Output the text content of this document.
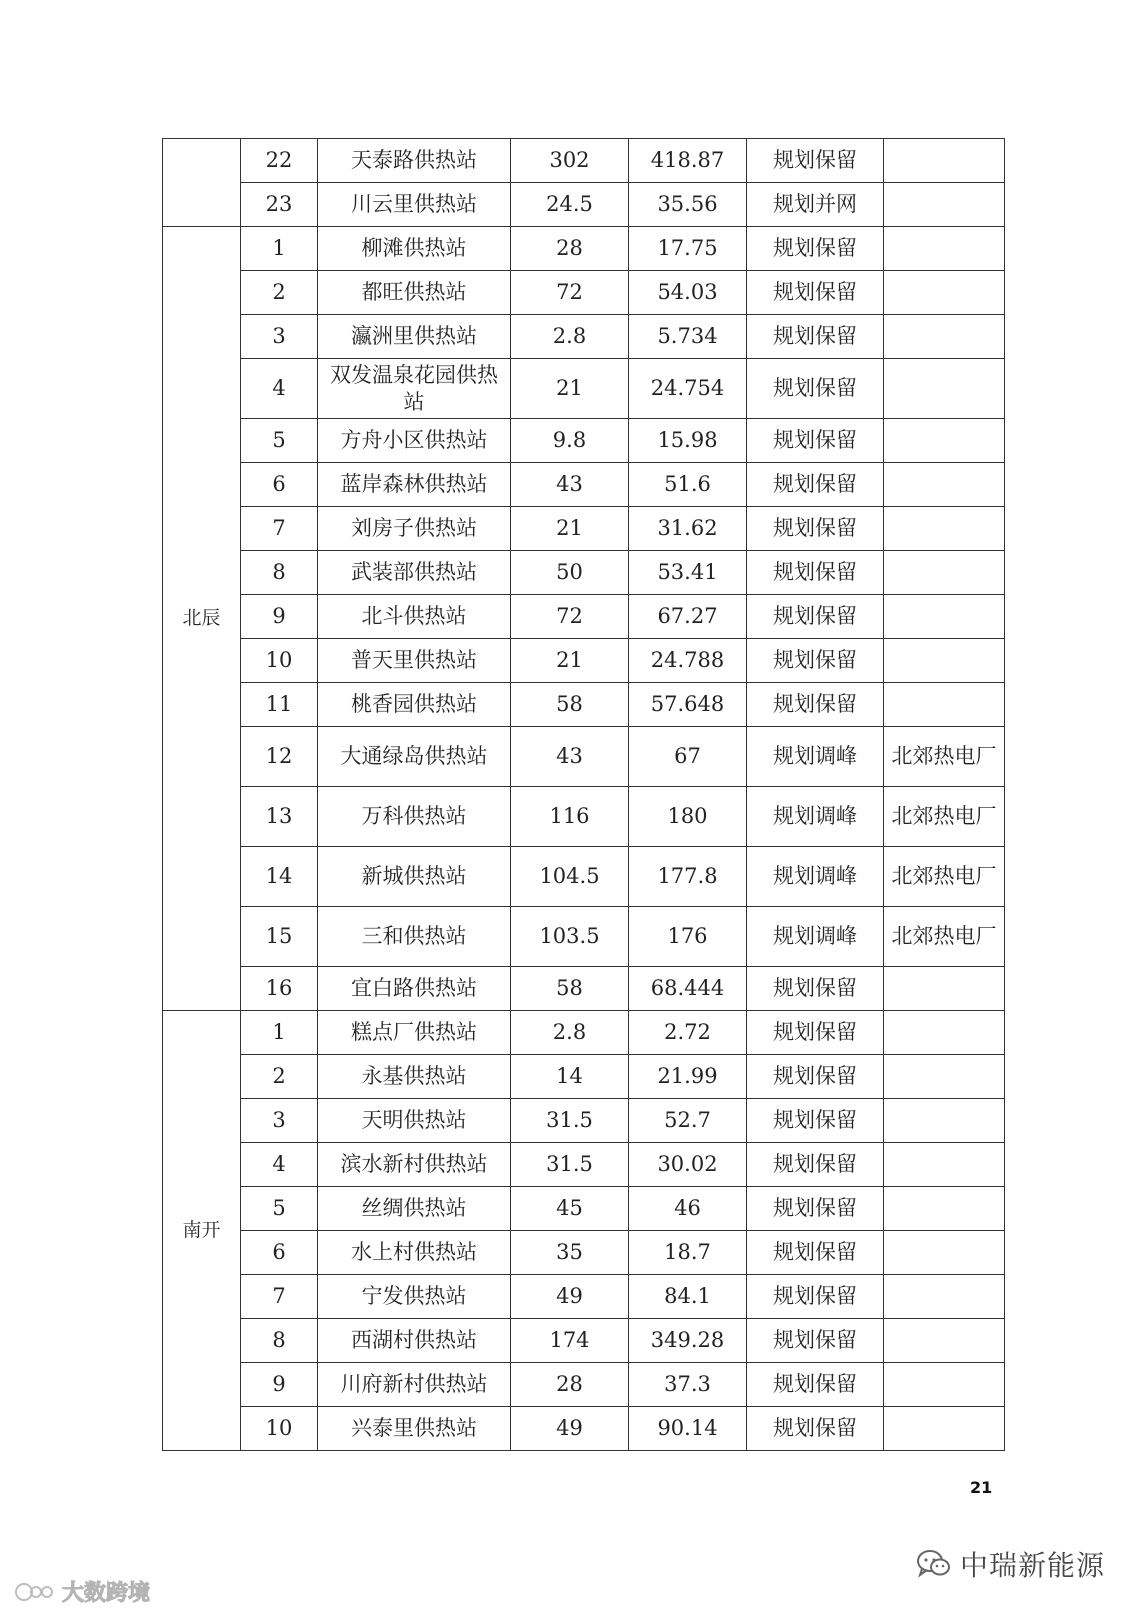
	22	天泰路供热站	302	418.87	规划保留	
	23	川云里供热站	24.5	35.56	规划并网	
北辰	1	柳滩供热站	28	17.75	规划保留	
	2	都旺供热站	72	54.03	规划保留	
	3	瀛洲里供热站	2.8	5.734	规划保留	
	4	双发温泉花园供热站	21	24.754	规划保留	
	5	方舟小区供热站	9.8	15.98	规划保留	
	6	蓝岸森林供热站	43	51.6	规划保留	
	7	刘房子供热站	21	31.62	规划保留	
	8	武装部供热站	50	53.41	规划保留	
	9	北斗供热站	72	67.27	规划保留	
	10	普天里供热站	21	24.788	规划保留	
	11	桃香园供热站	58	57.648	规划保留	
	12	大通绿岛供热站	43	67	规划调峰	北郊热电厂
	13	万科供热站	116	180	规划调峰	北郊热电厂
	14	新城供热站	104.5	177.8	规划调峰	北郊热电厂
	15	三和供热站	103.5	176	规划调峰	北郊热电厂
	16	宜白路供热站	58	68.444	规划保留	
南开	1	糕点厂供热站	2.8	2.72	规划保留	
	2	永基供热站	14	21.99	规划保留	
	3	天明供热站	31.5	52.7	规划保留	
	4	滨水新村供热站	31.5	30.02	规划保留	
	5	丝绸供热站	45	46	规划保留	
	6	水上村供热站	35	18.7	规划保留	
	7	宁发供热站	49	84.1	规划保留	
	8	西湖村供热站	174	349.28	规划保留	
	9	川府新村供热站	28	37.3	规划保留	
	10	兴泰里供热站	49	90.14	规划保留	
21
中瑞新能源
大数跨境
